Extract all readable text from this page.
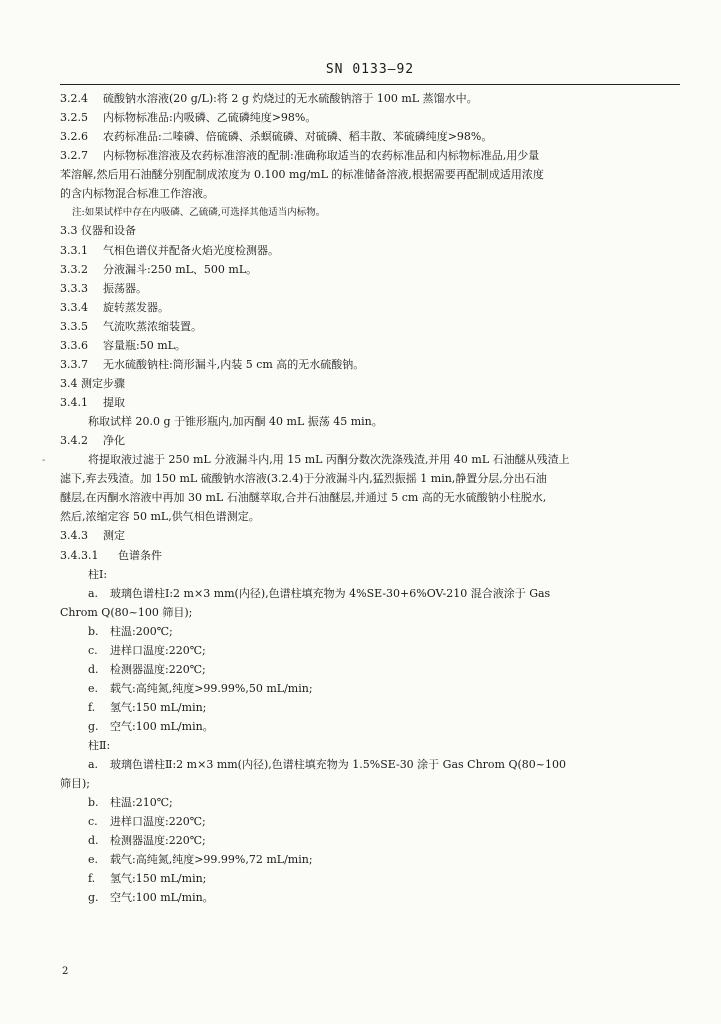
SN 0133—92
3.2.4 硫酸钠水溶液(20 g/L):将 2 g 灼烧过的无水硫酸钠溶于 100 mL 蒸馏水中。
3.2.5 内标物标准品:内吸磷、乙硫磷纯度>98%。
3.2.6 农药标准品:二嗪磷、倍硫磷、杀螟硫磷、对硫磷、稻丰散、苯硫磷纯度>98%。
3.2.7 内标物标准溶液及农药标准溶液的配制:准确称取适当的农药标准品和内标物标准品,用少量
苯溶解,然后用石油醚分别配制成浓度为 0.100 mg/mL 的标准储备溶液,根据需要再配制成适用浓度
的含内标物混合标准工作溶液。
注:如果试样中存在内吸磷、乙硫磷,可选择其他适当内标物。
3.3 仪器和设备
3.3.1 气相色谱仪并配备火焰光度检测器。
3.3.2 分液漏斗:250 mL、500 mL。
3.3.3 振荡器。
3.3.4 旋转蒸发器。
3.3.5 气流吹蒸浓缩装置。
3.3.6 容量瓶:50 mL。
3.3.7 无水硫酸钠柱:筒形漏斗,内装 5 cm 高的无水硫酸钠。
3.4 测定步骤
3.4.1 提取
称取试样 20.0 g 于锥形瓶内,加丙酮 40 mL 振荡 45 min。
3.4.2 净化
将提取液过滤于 250 mL 分液漏斗内,用 15 mL 丙酮分数次洗涤残渣,并用 40 mL 石油醚从残渣上
滤下,弃去残渣。加 150 mL 硫酸钠水溶液(3.2.4)于分液漏斗内,猛烈振摇 1 min,静置分层,分出石油
醚层,在丙酮水溶液中再加 30 mL 石油醚萃取,合并石油醚层,并通过 5 cm 高的无水硫酸钠小柱脱水,
然后,浓缩定容 50 mL,供气相色谱测定。
3.4.3 测定
3.4.3.1 色谱条件
柱Ⅰ:
a. 玻璃色谱柱Ⅰ:2 m×3 mm(内径),色谱柱填充物为 4%SE-30+6%OV-210 混合液涂于 Gas
Chrom Q(80~100 筛目);
b. 柱温:200℃;
c. 进样口温度:220℃;
d. 检测器温度:220℃;
e. 载气:高纯氮,纯度>99.99%,50 mL/min;
f. 氢气:150 mL/min;
g. 空气:100 mL/min。
柱Ⅱ:
a. 玻璃色谱柱Ⅱ:2 m×3 mm(内径),色谱柱填充物为 1.5%SE-30 涂于 Gas Chrom Q(80~100
筛目);
b. 柱温:210℃;
c. 进样口温度:220℃;
d. 检测器温度:220℃;
e. 载气:高纯氮,纯度>99.99%,72 mL/min;
f. 氢气:150 mL/min;
g. 空气:100 mL/min。
-
2
